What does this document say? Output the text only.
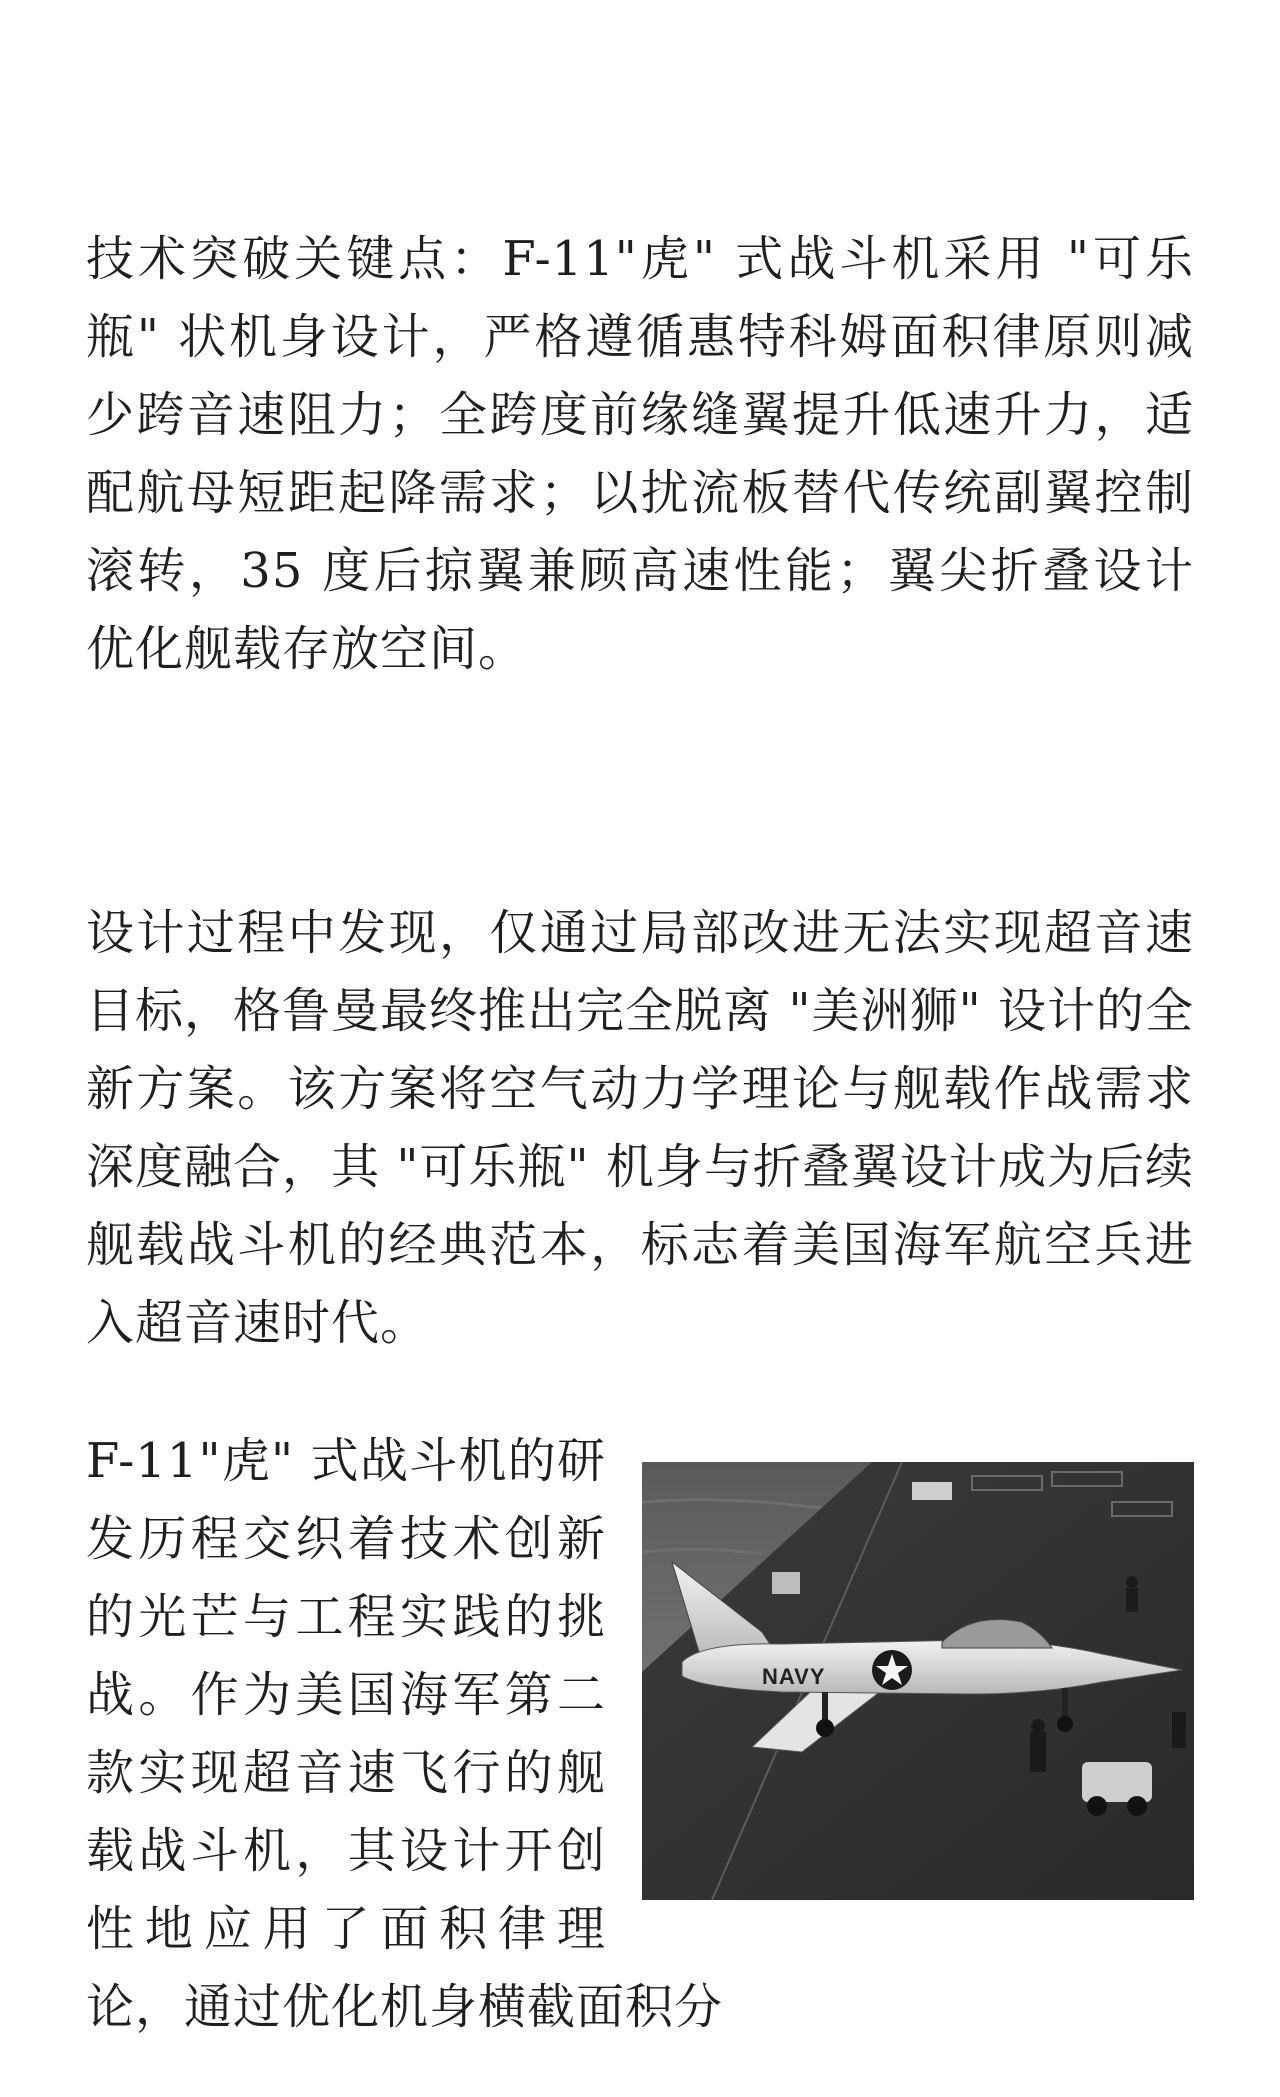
技术突破关键点：F-11"虎" 式战斗机采用 "可乐瓶" 状机身设计，严格遵循惠特科姆面积律原则减少跨音速阻力；全跨度前缘缝翼提升低速升力，适配航母短距起降需求；以扰流板替代传统副翼控制滚转，35 度后掠翼兼顾高速性能；翼尖折叠设计优化舰载存放空间。

设计过程中发现，仅通过局部改进无法实现超音速目标，格鲁曼最终推出完全脱离 "美洲狮" 设计的全新方案。该方案将空气动力学理论与舰载作战需求深度融合，其 "可乐瓶" 机身与折叠翼设计成为后续舰载战斗机的经典范本，标志着美国海军航空兵进入超音速时代。

NAVY

F-11"虎" 式战斗机的研发历程交织着技术创新的光芒与工程实践的挑战。作为美国海军第二款实现超音速飞行的舰载战斗机，其设计开创性地应用了面积律理论，通过优化机身横截面积分
